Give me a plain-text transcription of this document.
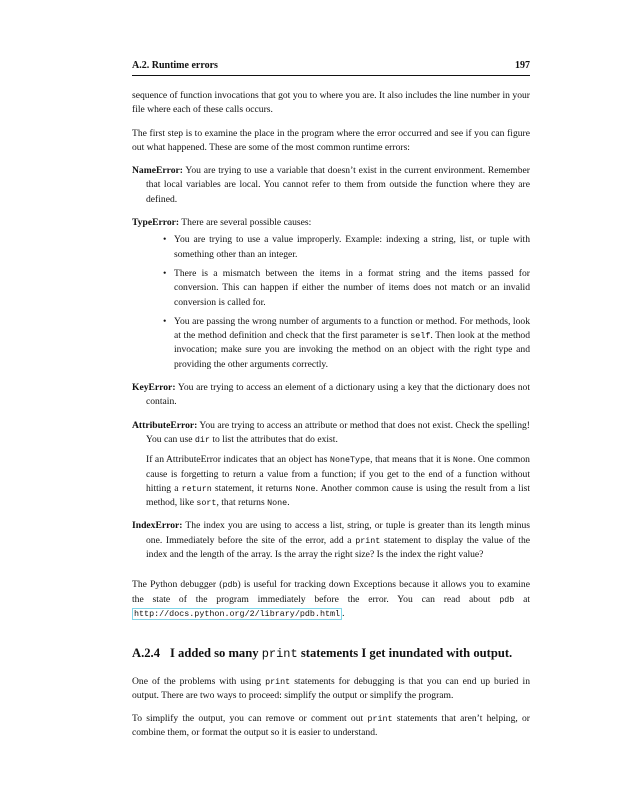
A.2. Runtime errors	197

sequence of function invocations that got you to where you are. It also includes the line number in your file where each of these calls occurs.

The first step is to examine the place in the program where the error occurred and see if you can figure out what happened. These are some of the most common runtime errors:

NameError: You are trying to use a variable that doesn’t exist in the current environment. Remember that local variables are local. You cannot refer to them from outside the function where they are defined.
TypeError: There are several possible causes:
• You are trying to use a value improperly. Example: indexing a string, list, or tuple with something other than an integer.
• There is a mismatch between the items in a format string and the items passed for conversion. This can happen if either the number of items does not match or an invalid conversion is called for.
• You are passing the wrong number of arguments to a function or method. For methods, look at the method definition and check that the first parameter is self. Then look at the method invocation; make sure you are invoking the method on an object with the right type and providing the other arguments correctly.
KeyError: You are trying to access an element of a dictionary using a key that the dictionary does not contain.
AttributeError: You are trying to access an attribute or method that does not exist. Check the spelling! You can use dir to list the attributes that do exist.
If an AttributeError indicates that an object has NoneType, that means that it is None. One common cause is forgetting to return a value from a function; if you get to the end of a function without hitting a return statement, it returns None. Another common cause is using the result from a list method, like sort, that returns None.
IndexError: The index you are using to access a list, string, or tuple is greater than its length minus one. Immediately before the site of the error, add a print statement to display the value of the index and the length of the array. Is the array the right size? Is the index the right value?

The Python debugger (pdb) is useful for tracking down Exceptions because it allows you to examine the state of the program immediately before the error. You can read about pdb at http://docs.python.org/2/library/pdb.html .

A.2.4 I added so many print statements I get inundated with output.

One of the problems with using print statements for debugging is that you can end up buried in output. There are two ways to proceed: simplify the output or simplify the program.

To simplify the output, you can remove or comment out print statements that aren’t helping, or combine them, or format the output so it is easier to understand.
